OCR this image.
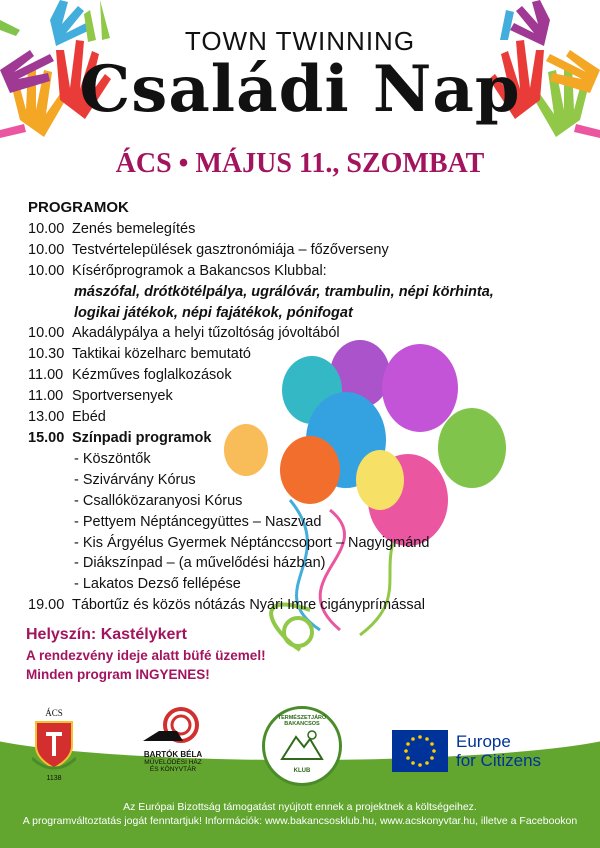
TOWN TWINNING
Családi Nap
ÁCS • MÁJUS 11., SZOMBAT
PROGRAMOK
10.00 Zenés bemelegítés
10.00 Testvértelepülések gasztronómiája – főzőverseny
10.00 Kísérőprogramok a Bakancsos Klubbal:
mászófal, drótkötélpálya, ugrálóvár, trambulin, népi körhinta,
logikai játékok, népi fajátékok, pónifogat
10.00 Akadálypálya a helyi tűzoltóság jóvoltából
10.30 Taktikai közelharc bemutató
11.00 Kézműves foglalkozások
11.00 Sportversenyek
13.00 Ebéd
15.00 Színpadi programok
- Köszöntők
- Szivárvány Kórus
- Csallóközaranyosi Kórus
- Pettyem Néptáncegyüttes – Naszvad
- Kis Árgyélus Gyermek Néptánccsoport – Nagyigmánd
- Diákszínpad – (a művelődési házban)
- Lakatos Dezső fellépése
19.00 Tábortűz és közös nótázás Nyári Imre cigányprímással
Helyszín: Kastélykert
A rendezvény ideje alatt büfé üzemel!
Minden program INGYENES!
ÁCS
1138
BARTÓK BÉLA
MŰVELŐDÉSI HÁZ
ÉS KÖNYVTÁR
TERMÉSZETJÁRÓ BAKANCSOS
KLUB
Europe
for Citizens
Az Európai Bizottság támogatást nyújtott ennek a projektnek a költségeihez.
A programváltoztatás jogát fenntartjuk! Információk: www.bakancsosklub.hu, www.acskonyvtar.hu, illetve a Facebookon
